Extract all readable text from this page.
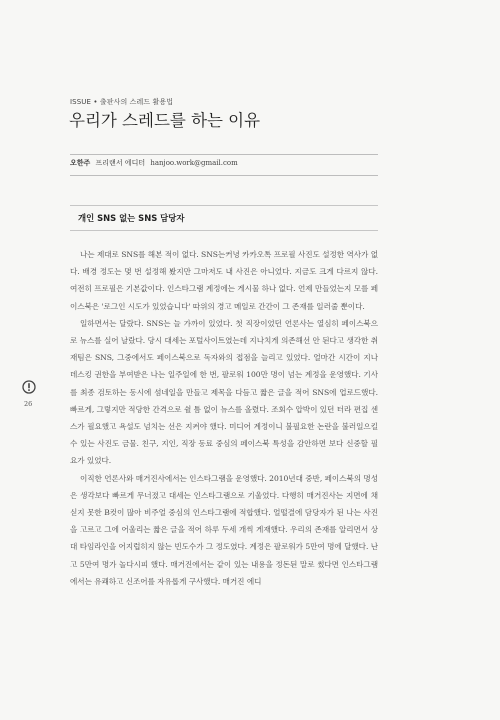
ISSUE • 출판사의 스레드 활용법
우리가 스레드를 하는 이유
오한주 프리랜서 에디터 hanjoo.work@gmail.com
개인 SNS 없는 SNS 담당자

나는 제대로 SNS를 해본 적이 없다. SNS는커녕 카카오톡 프로필 사진도 설정한 역사가 없다. 배경 정도는 몇 번 설정해 봤지만 그마저도 내 사진은 아니었다. 지금도 크게 다르지 않다. 여전히 프로필은 기본값이다. 인스타그램 계정에는 게시물 하나 없다. 언제 만들었는지 모를 페이스북은 '로그인 시도가 있었습니다' 따위의 경고 메일로 간간이 그 존재를 일러줄 뿐이다.

일하면서는 달랐다. SNS는 늘 가까이 있었다. 첫 직장이었던 언론사는 열심히 페이스북으로 뉴스를 실어 날랐다. 당시 대세는 포털사이트였는데 지나치게 의존해선 안 된다고 생각한 취재팀은 SNS, 그중에서도 페이스북으로 독자와의 접점을 늘리고 있었다. 얼마간 시간이 지나 데스킹 권한을 부여받은 나는 일주일에 한 번, 팔로워 100만 명이 넘는 계정을 운영했다. 기사를 최종 검토하는 동시에 섬네일을 만들고 제목을 다듬고 짧은 글을 적어 SNS에 업로드했다. 빠르게, 그렇지만 적당한 간격으로 쉴 틈 없이 뉴스를 올렸다. 조회수 압박이 있던 터라 편집 센스가 필요했고 욕설도 넘치는 선은 지켜야 했다. 미디어 계정이니 불필요한 논란을 불러일으킬 수 있는 사진도 금물. 친구, 지인, 직장 동료 중심의 페이스북 특성을 감안하면 보다 신중할 필요가 있었다.

이직한 언론사와 매거진사에서는 인스타그램을 운영했다. 2010년대 중반, 페이스북의 명성은 생각보다 빠르게 무너졌고 대세는 인스타그램으로 기울었다. 다행히 매거진사는 지면에 채 싣지 못한 B컷이 많아 비주얼 중심의 인스타그램에 적합했다. 얼떨결에 담당자가 된 나는 사진을 고르고 그에 어울리는 짧은 글을 적어 하루 두세 개씩 게재했다. 우리의 존재를 알리면서 상대 타임라인을 어지럽히지 않는 빈도수가 그 정도였다. 계정은 팔로워가 5만여 명에 달했다. 난 고 5만여 명가 놀다시피 했다. 매거진에서는 같이 있는 내용을 정돈된 말로 썼다면 인스타그램에서는 유쾌하고 신조어를 자유롭게 구사했다. 매거진 에디

26
